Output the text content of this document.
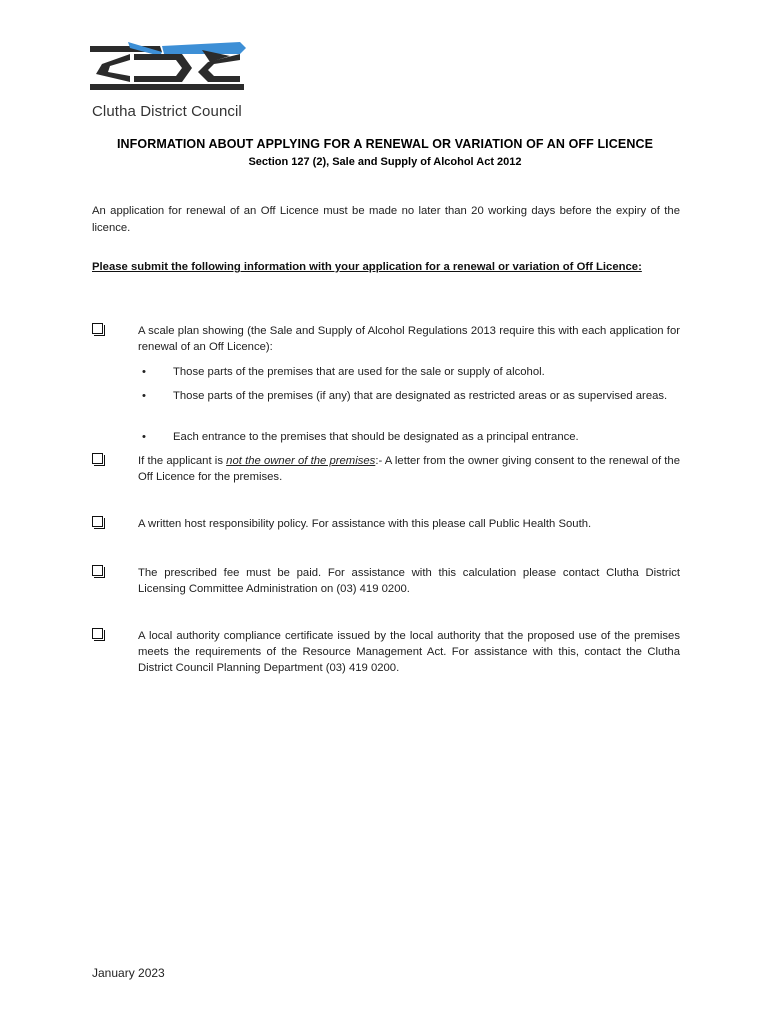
Clutha District Council
INFORMATION ABOUT APPLYING FOR A RENEWAL OR VARIATION OF AN OFF LICENCE
Section 127 (2), Sale and Supply of Alcohol Act 2012
An application for renewal of an Off Licence must be made no later than 20 working days before the expiry of the licence.
Please submit the following information with your application for a renewal or variation of Off Licence:
A scale plan showing (the Sale and Supply of Alcohol Regulations 2013 require this with each application for renewal of an Off Licence):
• Those parts of the premises that are used for the sale or supply of alcohol.
• Those parts of the premises (if any) that are designated as restricted areas or as supervised areas.
• Each entrance to the premises that should be designated as a principal entrance.
If the applicant is not the owner of the premises:- A letter from the owner giving consent to the renewal of the Off Licence for the premises.
A written host responsibility policy. For assistance with this please call Public Health South.
The prescribed fee must be paid. For assistance with this calculation please contact Clutha District Licensing Committee Administration on (03) 419 0200.
A local authority compliance certificate issued by the local authority that the proposed use of the premises meets the requirements of the Resource Management Act. For assistance with this, contact the Clutha District Council Planning Department (03) 419 0200.
January 2023
